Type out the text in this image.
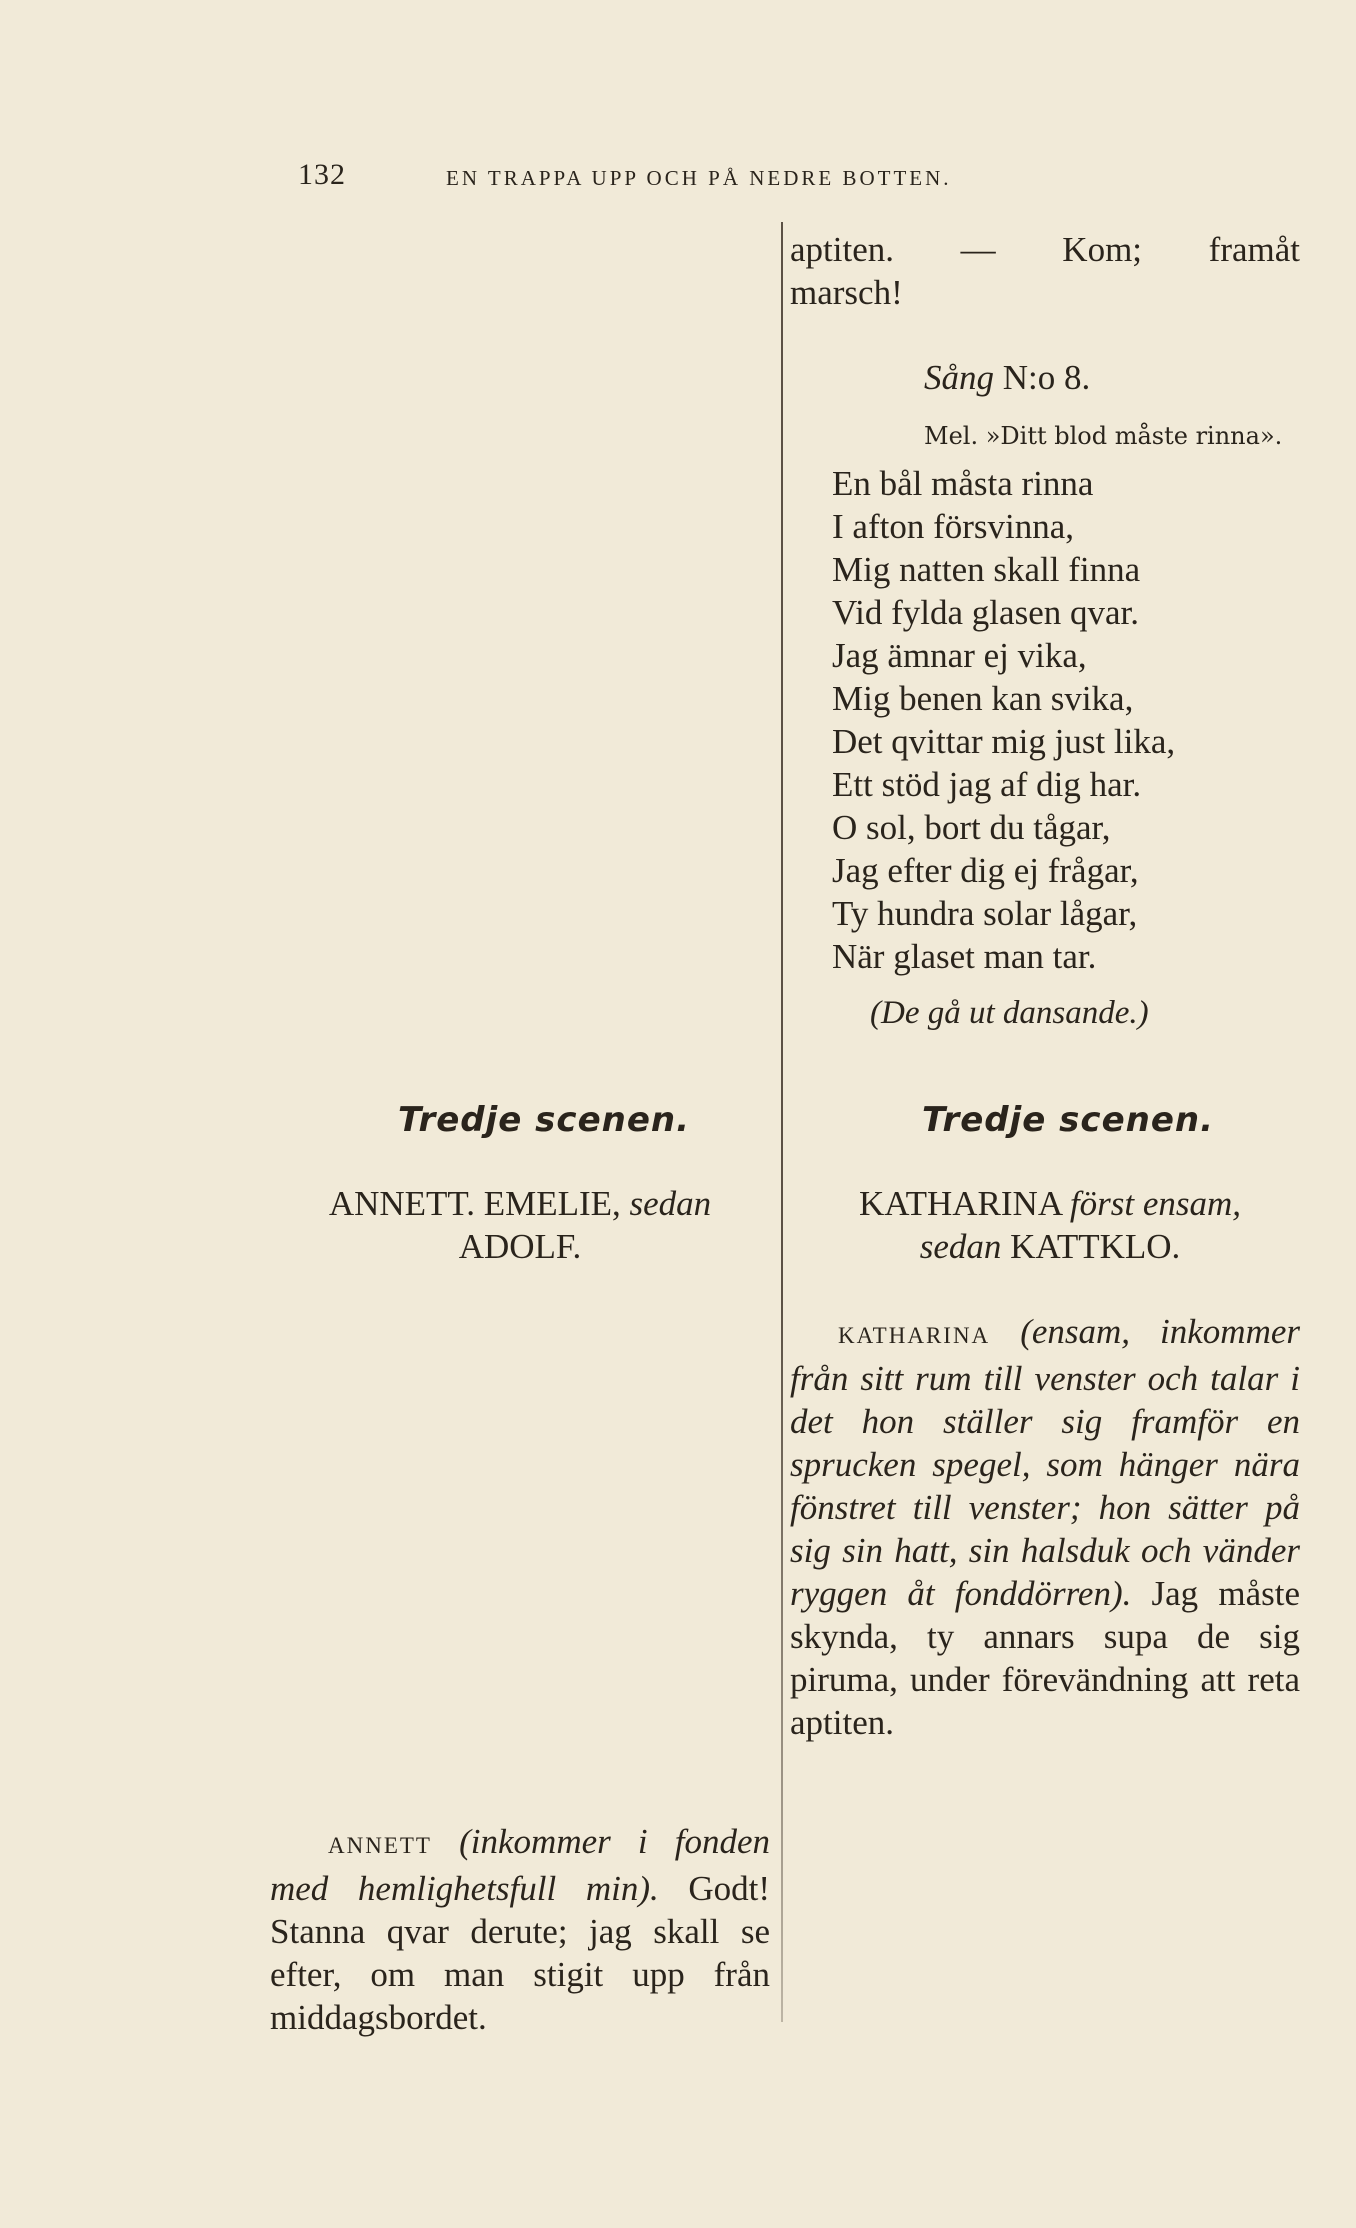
132	EN TRAPPA UPP OCH PÅ NEDRE BOTTEN.
aptiten. — Kom; framåt
marsch!
Sång N:o 8.
Mel. »Ditt blod måste rinna».
En bål måsta rinna
I afton försvinna,
Mig natten skall finna
Vid fylda glasen qvar.
Jag ämnar ej vika,
Mig benen kan svika,
Det qvittar mig just lika,
Ett stöd jag af dig har.
O sol, bort du tågar,
Jag efter dig ej frågar,
Ty hundra solar lågar,
När glaset man tar.
(De gå ut dansande.)
Tredje scenen.
ANNETT. EMELIE, sedan
ADOLF.
Tredje scenen.
KATHARINA först ensam,
sedan KATTKLO.
KATHARINA (ensam, inkommer från sitt rum till venster och talar i det hon ställer sig framför en sprucken spegel, som hänger nära fönstret till venster; hon sätter på sig sin hatt, sin halsduk och vänder ryggen åt fonddörren). Jag måste skynda, ty annars supa de sig piruma, under förevändning att reta aptiten.
ANNETT (inkommer i fonden med hemlighetsfull min). Godt! Stanna qvar derute; jag skall se efter, om man stigit upp från middagsbordet.
